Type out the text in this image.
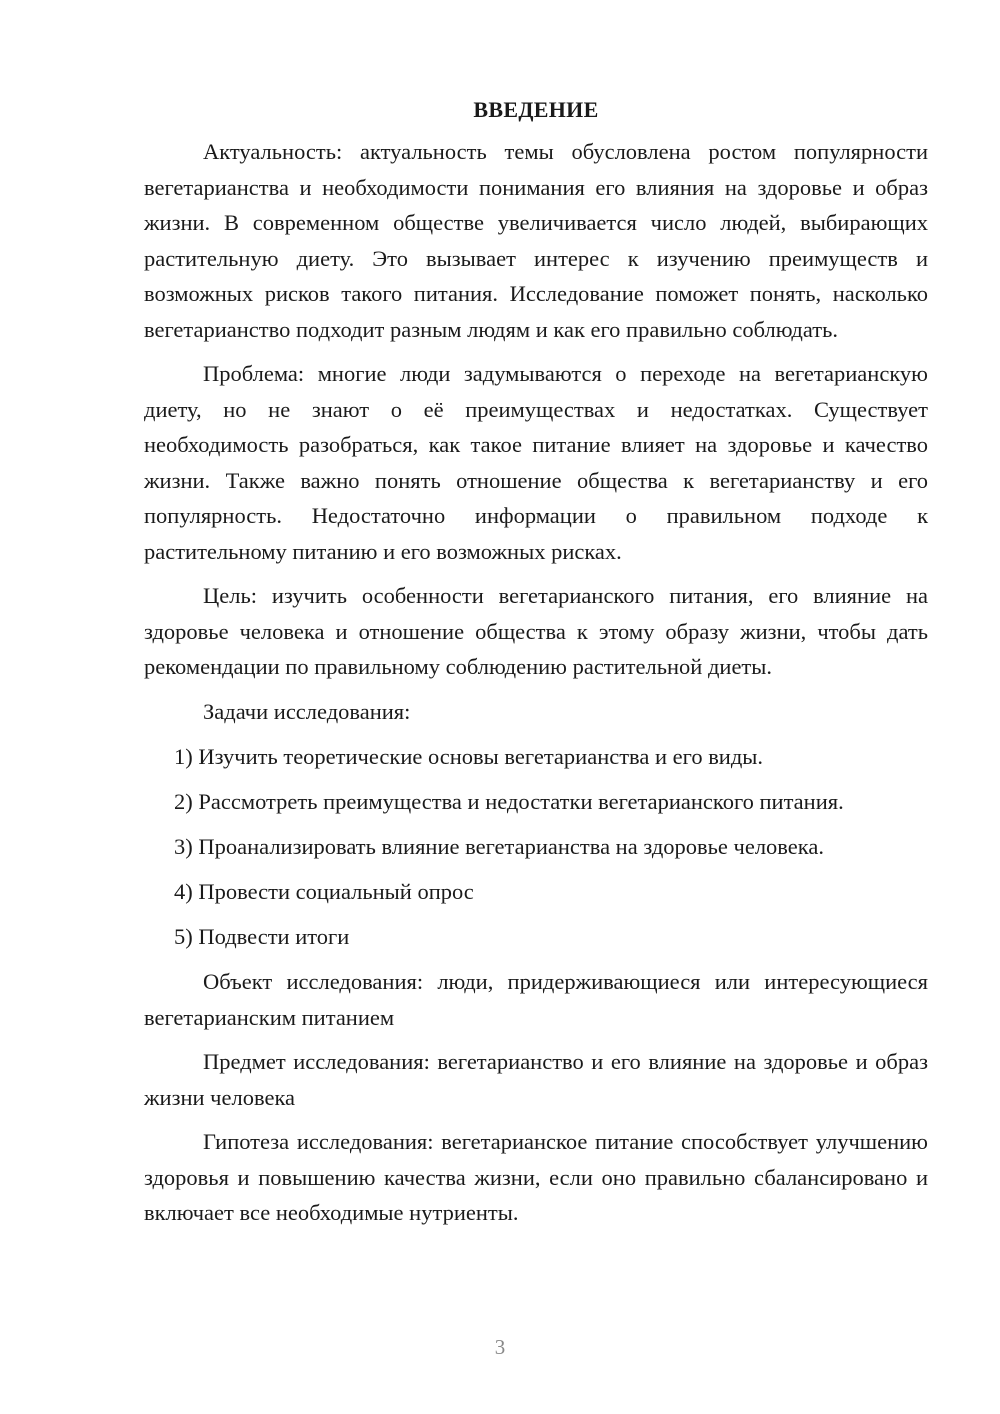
ВВЕДЕНИЕ

Актуальность: актуальность темы обусловлена ростом популярности вегетарианства и необходимости понимания его влияния на здоровье и образ жизни. В современном обществе увеличивается число людей, выбирающих растительную диету. Это вызывает интерес к изучению преимуществ и возможных рисков такого питания. Исследование поможет понять, насколько вегетарианство подходит разным людям и как его правильно соблюдать.

Проблема: многие люди задумываются о переходе на вегетарианскую диету, но не знают о её преимуществах и недостатках. Существует необходимость разобраться, как такое питание влияет на здоровье и качество жизни. Также важно понять отношение общества к вегетарианству и его популярность. Недостаточно информации о правильном подходе к растительному питанию и его возможных рисках.

Цель: изучить особенности вегетарианского питания, его влияние на здоровье человека и отношение общества к этому образу жизни, чтобы дать рекомендации по правильному соблюдению растительной диеты.

Задачи исследования:

1) Изучить теоретические основы вегетарианства и его виды.

2) Рассмотреть преимущества и недостатки вегетарианского питания.

3) Проанализировать влияние вегетарианства на здоровье человека.

4) Провести социальный опрос

5) Подвести итоги

Объект исследования: люди, придерживающиеся или интересующиеся вегетарианским питанием

Предмет исследования: вегетарианство и его влияние на здоровье и образ жизни человека

Гипотеза исследования: вегетарианское питание способствует улучшению здоровья и повышению качества жизни, если оно правильно сбалансировано и включает все необходимые нутриенты.

3
